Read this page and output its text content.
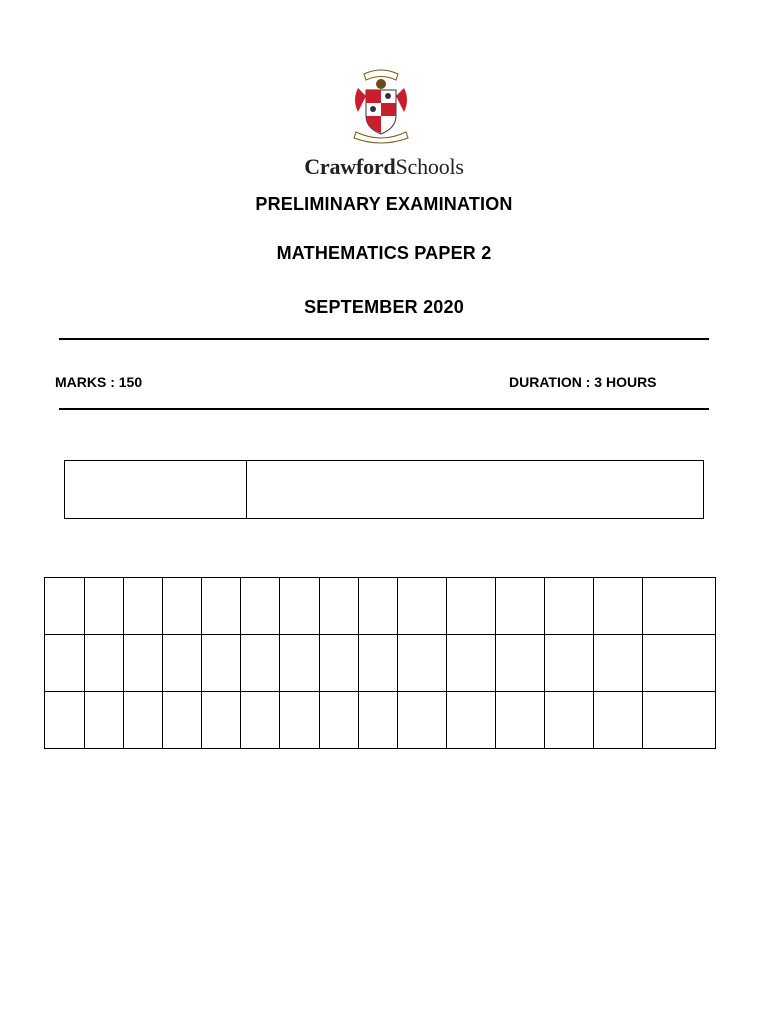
CrawfordSchools
PRELIMINARY EXAMINATION
MATHEMATICS PAPER 2
SEPTEMBER 2020
MARKS : 150	DURATION : 3 HOURS
